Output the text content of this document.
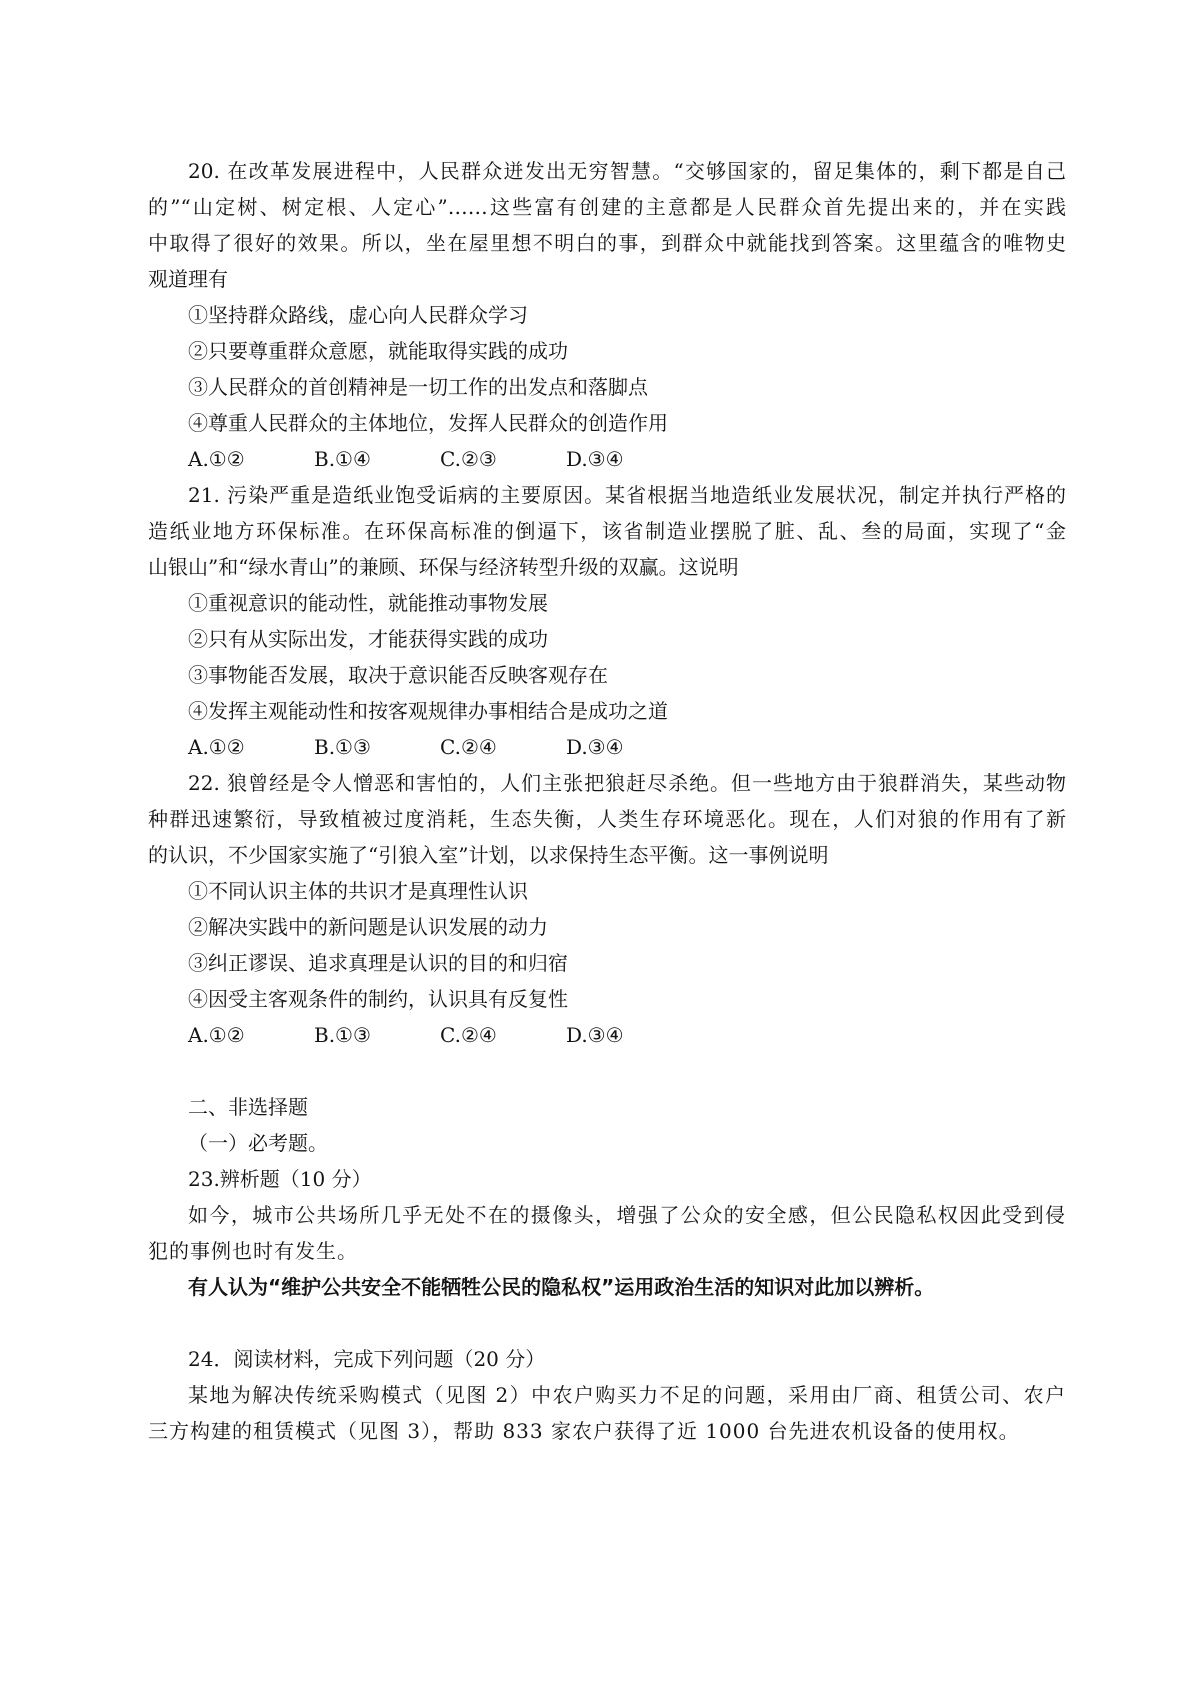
20. 在改革发展进程中，人民群众迸发出无穷智慧。“交够国家的，留足集体的，剩下都是自己
的”“山定树、树定根、人定心”……这些富有创建的主意都是人民群众首先提出来的，并在实践
中取得了很好的效果。所以，坐在屋里想不明白的事，到群众中就能找到答案。这里蕴含的唯物史
观道理有
①坚持群众路线，虚心向人民群众学习
②只要尊重群众意愿，就能取得实践的成功
③人民群众的首创精神是一切工作的出发点和落脚点
④尊重人民群众的主体地位，发挥人民群众的创造作用
A.①②	B.①④	C.②③	D.③④
21. 污染严重是造纸业饱受诟病的主要原因。某省根据当地造纸业发展状况，制定并执行严格的
造纸业地方环保标准。在环保高标准的倒逼下，该省制造业摆脱了脏、乱、叁的局面，实现了“金
山银山”和“绿水青山”的兼顾、环保与经济转型升级的双赢。这说明
①重视意识的能动性，就能推动事物发展
②只有从实际出发，才能获得实践的成功
③事物能否发展，取决于意识能否反映客观存在
④发挥主观能动性和按客观规律办事相结合是成功之道
A.①②	B.①③	C.②④	D.③④
22. 狼曾经是令人憎恶和害怕的，人们主张把狼赶尽杀绝。但一些地方由于狼群消失，某些动物
种群迅速繁衍，导致植被过度消耗，生态失衡，人类生存环境恶化。现在，人们对狼的作用有了新
的认识，不少国家实施了“引狼入室”计划，以求保持生态平衡。这一事例说明
①不同认识主体的共识才是真理性认识
②解决实践中的新问题是认识发展的动力
③纠正谬误、追求真理是认识的目的和归宿
④因受主客观条件的制约，认识具有反复性
A.①②	B.①③	C.②④	D.③④
二、非选择题
（一）必考题。
23.辨析题（10 分）
如今，城市公共场所几乎无处不在的摄像头，增强了公众的安全感，但公民隐私权因此受到侵
犯的事例也时有发生。
有人认为“维护公共安全不能牺牲公民的隐私权”运用政治生活的知识对此加以辨析。
24．阅读材料，完成下列问题（20 分）
某地为解决传统采购模式（见图 2）中农户购买力不足的问题，采用由厂商、租赁公司、农户
三方构建的租赁模式（见图 3），帮助 833 家农户获得了近 1000 台先进农机设备的使用权。
